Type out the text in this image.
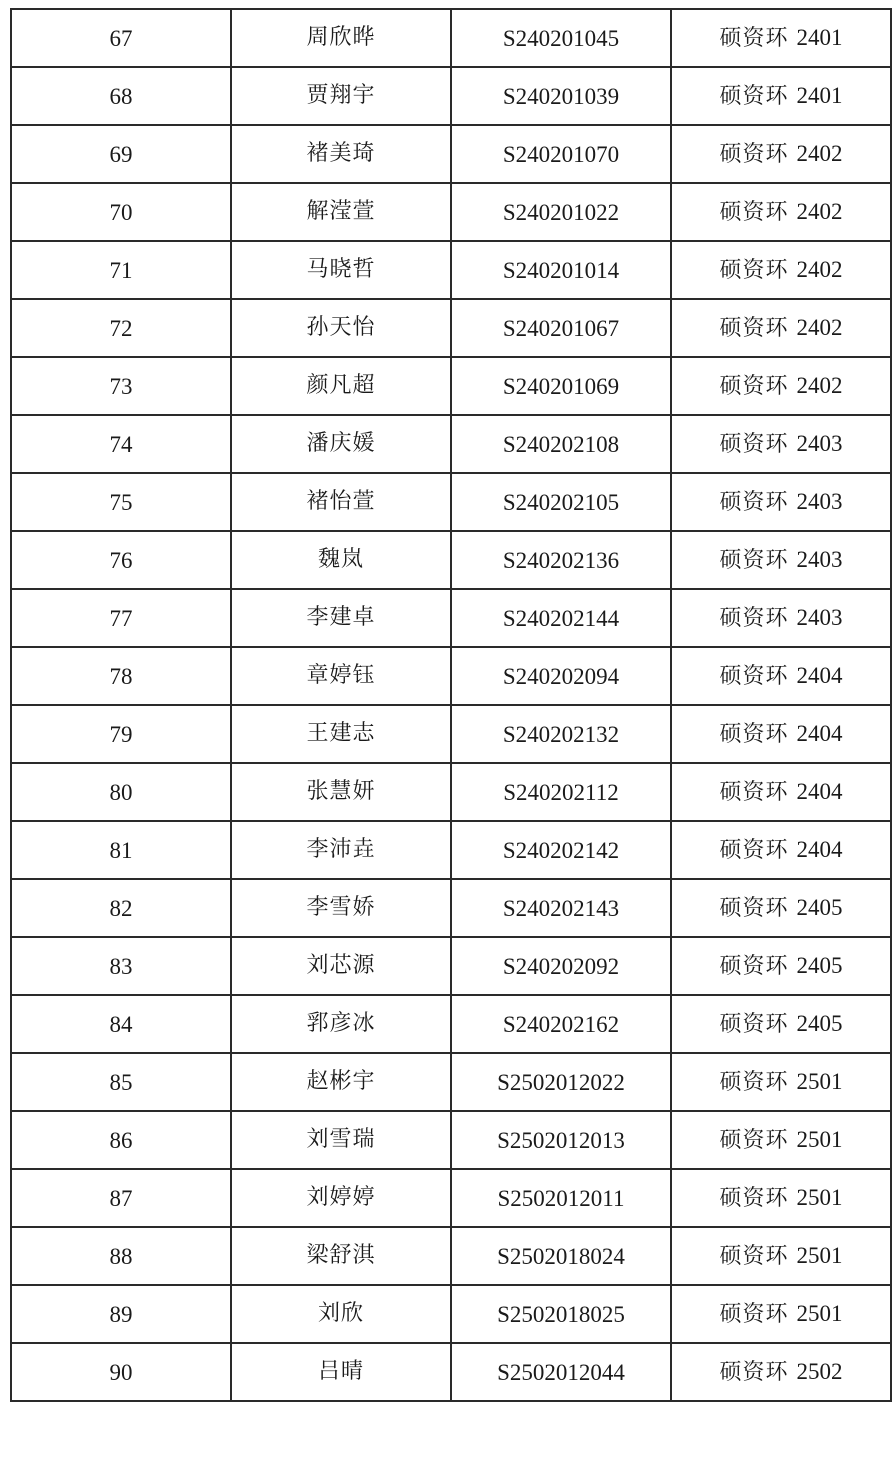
67	周欣晔	S240201045	硕资环 2401
68	贾翔宇	S240201039	硕资环 2401
69	褚美琦	S240201070	硕资环 2402
70	解滢萱	S240201022	硕资环 2402
71	马晓哲	S240201014	硕资环 2402
72	孙天怡	S240201067	硕资环 2402
73	颜凡超	S240201069	硕资环 2402
74	潘庆媛	S240202108	硕资环 2403
75	褚怡萱	S240202105	硕资环 2403
76	魏岚	S240202136	硕资环 2403
77	李建卓	S240202144	硕资环 2403
78	章婷钰	S240202094	硕资环 2404
79	王建志	S240202132	硕资环 2404
80	张慧妍	S240202112	硕资环 2404
81	李沛垚	S240202142	硕资环 2404
82	李雪娇	S240202143	硕资环 2405
83	刘芯源	S240202092	硕资环 2405
84	郛彦冰	S240202162	硕资环 2405
85	赵彬宇	S2502012022	硕资环 2501
86	刘雪瑞	S2502012013	硕资环 2501
87	刘婷婷	S2502012011	硕资环 2501
88	梁舒淇	S2502018024	硕资环 2501
89	刘欣	S2502018025	硕资环 2501
90	吕晴	S2502012044	硕资环 2502
